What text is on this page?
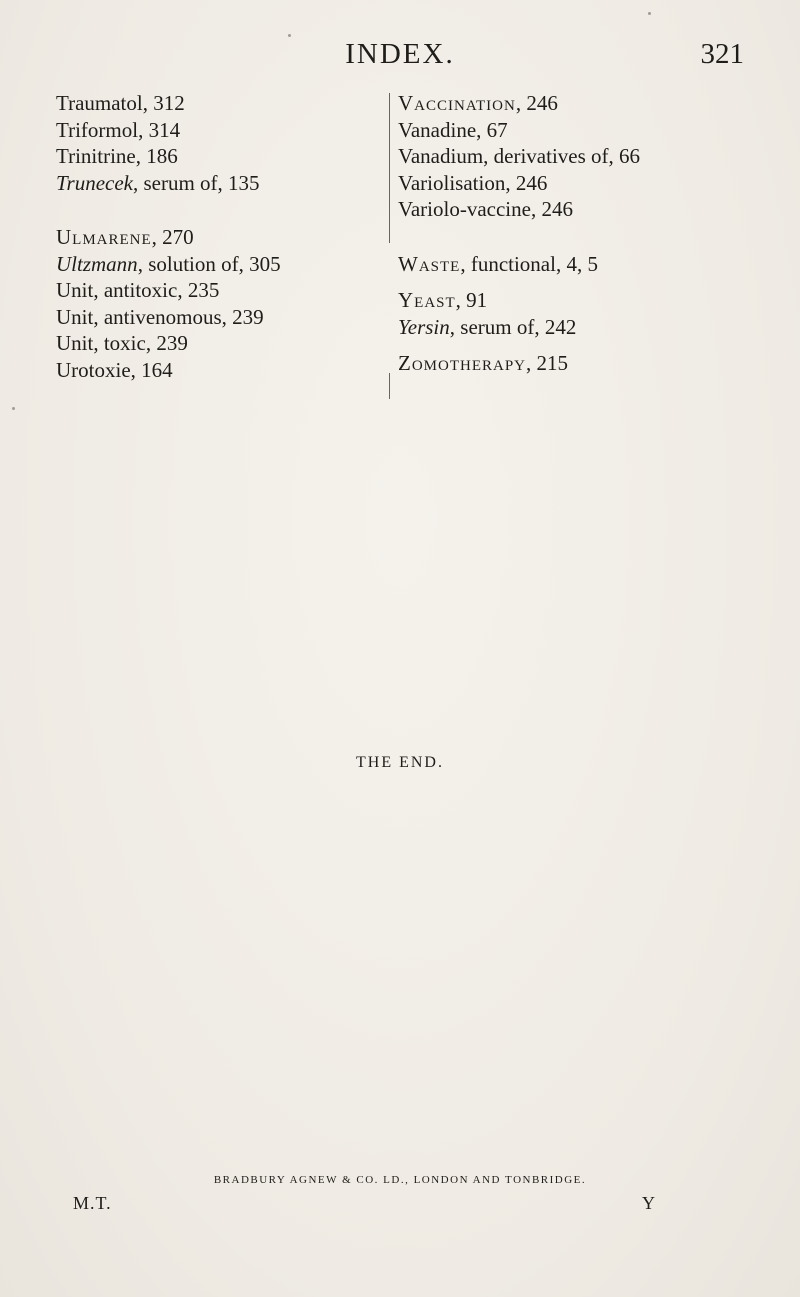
INDEX.	321
Traumatol, 312
Triformol, 314
Trinitrine, 186
Trunecek, serum of, 135
Ulmarene, 270
Ultzmann, solution of, 305
Unit, antitoxic, 235
Unit, antivenomous, 239
Unit, toxic, 239
Urotoxie, 164
Vaccination, 246
Vanadine, 67
Vanadium, derivatives of, 66
Variolisation, 246
Variolo-vaccine, 246
Waste, functional, 4, 5
Yeast, 91
Yersin, serum of, 242
Zomotherapy, 215
THE END.
BRADBURY AGNEW & CO. LD., LONDON AND TONBRIDGE.
M.T.	Y
